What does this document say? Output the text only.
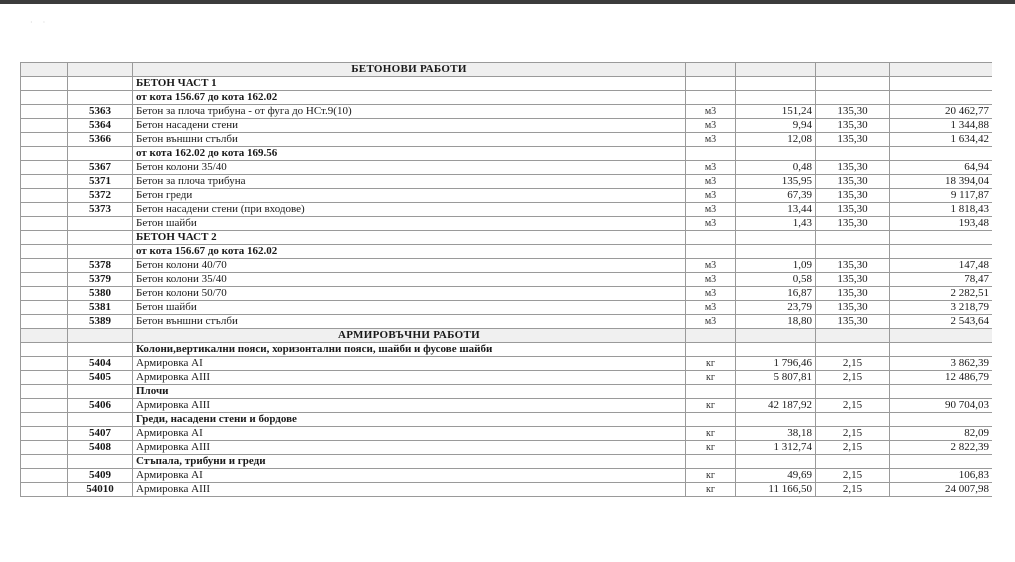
· ·
		БЕТОНОВИ РАБОТИ				
		БЕТОН ЧАСТ 1				
		от кота 156.67 до кота 162.02				
	5363	Бетон за плоча трибуна - от фуга до НСт.9(10)	м3	151,24	135,30	20 462,77
	5364	Бетон насадени стени	м3	9,94	135,30	1 344,88
	5366	Бетон външни стълби	м3	12,08	135,30	1 634,42
		от кота 162.02 до кота 169.56				
	5367	Бетон колони 35/40	м3	0,48	135,30	64,94
	5371	Бетон за плоча трибуна	м3	135,95	135,30	18 394,04
	5372	Бетон греди	м3	67,39	135,30	9 117,87
	5373	Бетон насадени стени (при входове)	м3	13,44	135,30	1 818,43
		Бетон шайби	м3	1,43	135,30	193,48
		БЕТОН ЧАСТ 2				
		от кота 156.67 до кота 162.02				
	5378	Бетон колони 40/70	м3	1,09	135,30	147,48
	5379	Бетон колони 35/40	м3	0,58	135,30	78,47
	5380	Бетон колони 50/70	м3	16,87	135,30	2 282,51
	5381	Бетон шайби	м3	23,79	135,30	3 218,79
	5389	Бетон външни стълби	м3	18,80	135,30	2 543,64
		АРМИРОВЪЧНИ РАБОТИ				
		Колони,вертикални пояси, хоризонтални пояси, шайби и фусове шайби				
	5404	Армировка АI	кг	1 796,46	2,15	3 862,39
	5405	Армировка АIII	кг	5 807,81	2,15	12 486,79
		Плочи				
	5406	Армировка АIII	кг	42 187,92	2,15	90 704,03
		Греди, насадени стени и бордове				
	5407	Армировка АI	кг	38,18	2,15	82,09
	5408	Армировка АIII	кг	1 312,74	2,15	2 822,39
		Стъпала, трибуни и греди				
	5409	Армировка АI	кг	49,69	2,15	106,83
	54010	Армировка АIII	кг	11 166,50	2,15	24 007,98
